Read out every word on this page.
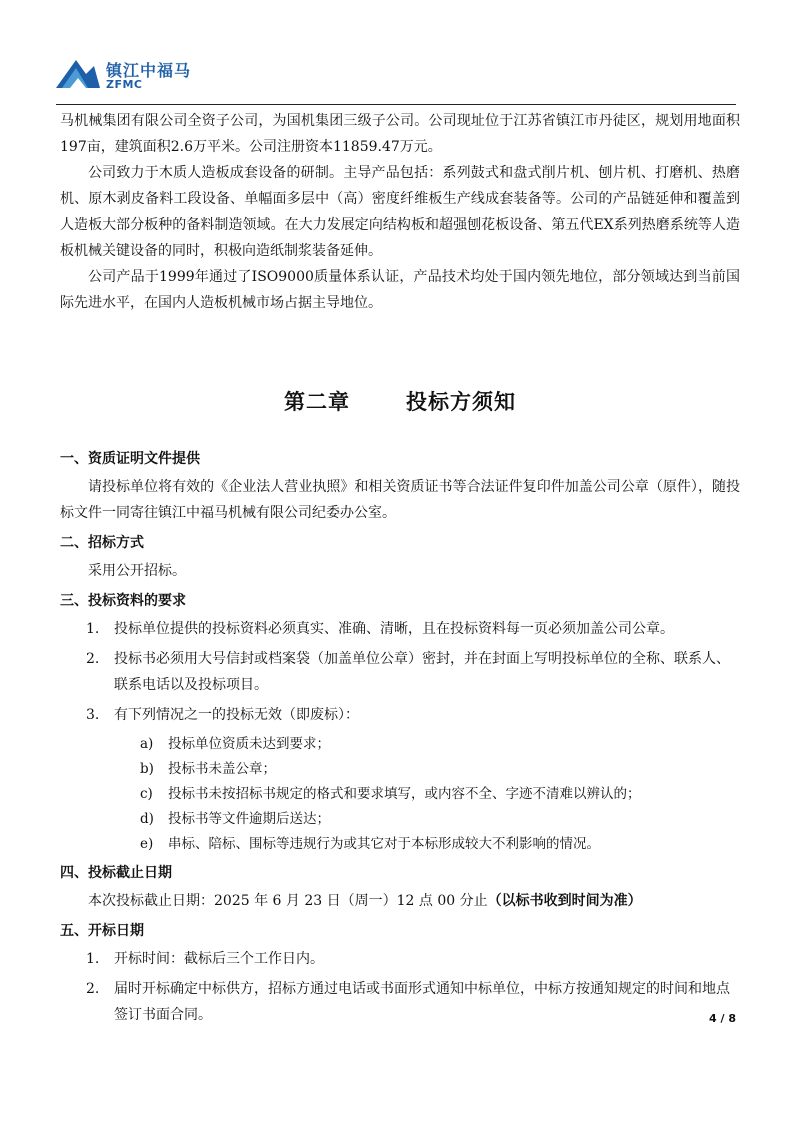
镇江中福马
ZFMC

马机械集团有限公司全资子公司，为国机集团三级子公司。公司现址位于江苏省镇江市丹徒区，规划用地面积197亩，建筑面积2.6万平米。公司注册资本11859.47万元。

公司致力于木质人造板成套设备的研制。主导产品包括：系列鼓式和盘式削片机、刨片机、打磨机、热磨机、原木剥皮备料工段设备、单幅面多层中（高）密度纤维板生产线成套装备等。公司的产品链延伸和覆盖到人造板大部分板种的备料制造领域。在大力发展定向结构板和超强刨花板设备、第五代EX系列热磨系统等人造板机械关键设备的同时，积极向造纸制浆装备延伸。

公司产品于1999年通过了ISO9000质量体系认证，产品技术均处于国内领先地位，部分领域达到当前国际先进水平，在国内人造板机械市场占据主导地位。

第二章	投标方须知
一、资质证明文件提供

请投标单位将有效的《企业法人营业执照》和相关资质证书等合法证件复印件加盖公司公章（原件），随投标文件一同寄往镇江中福马机械有限公司纪委办公室。

二、招标方式

采用公开招标。

三、投标资料的要求
1.	投标单位提供的投标资料必须真实、准确、清晰，且在投标资料每一页必须加盖公司公章。
2.	投标书必须用大号信封或档案袋（加盖单位公章）密封，并在封面上写明投标单位的全称、联系人、联系电话以及投标项目。
3.	有下列情况之一的投标无效（即废标）：
a)	投标单位资质未达到要求；
b)	投标书未盖公章；
c)	投标书未按招标书规定的格式和要求填写，或内容不全、字迹不清难以辨认的；
d)	投标书等文件逾期后送达；
e)	串标、陪标、围标等违规行为或其它对于本标形成较大不利影响的情况。
四、投标截止日期

本次投标截止日期：2025 年 6 月 23 日（周一）12 点 00 分止（以标书收到时间为准）

五、开标日期
1.	开标时间：截标后三个工作日内。
2.	届时开标确定中标供方，招标方通过电话或书面形式通知中标单位，中标方按通知规定的时间和地点签订书面合同。	4 / 8
